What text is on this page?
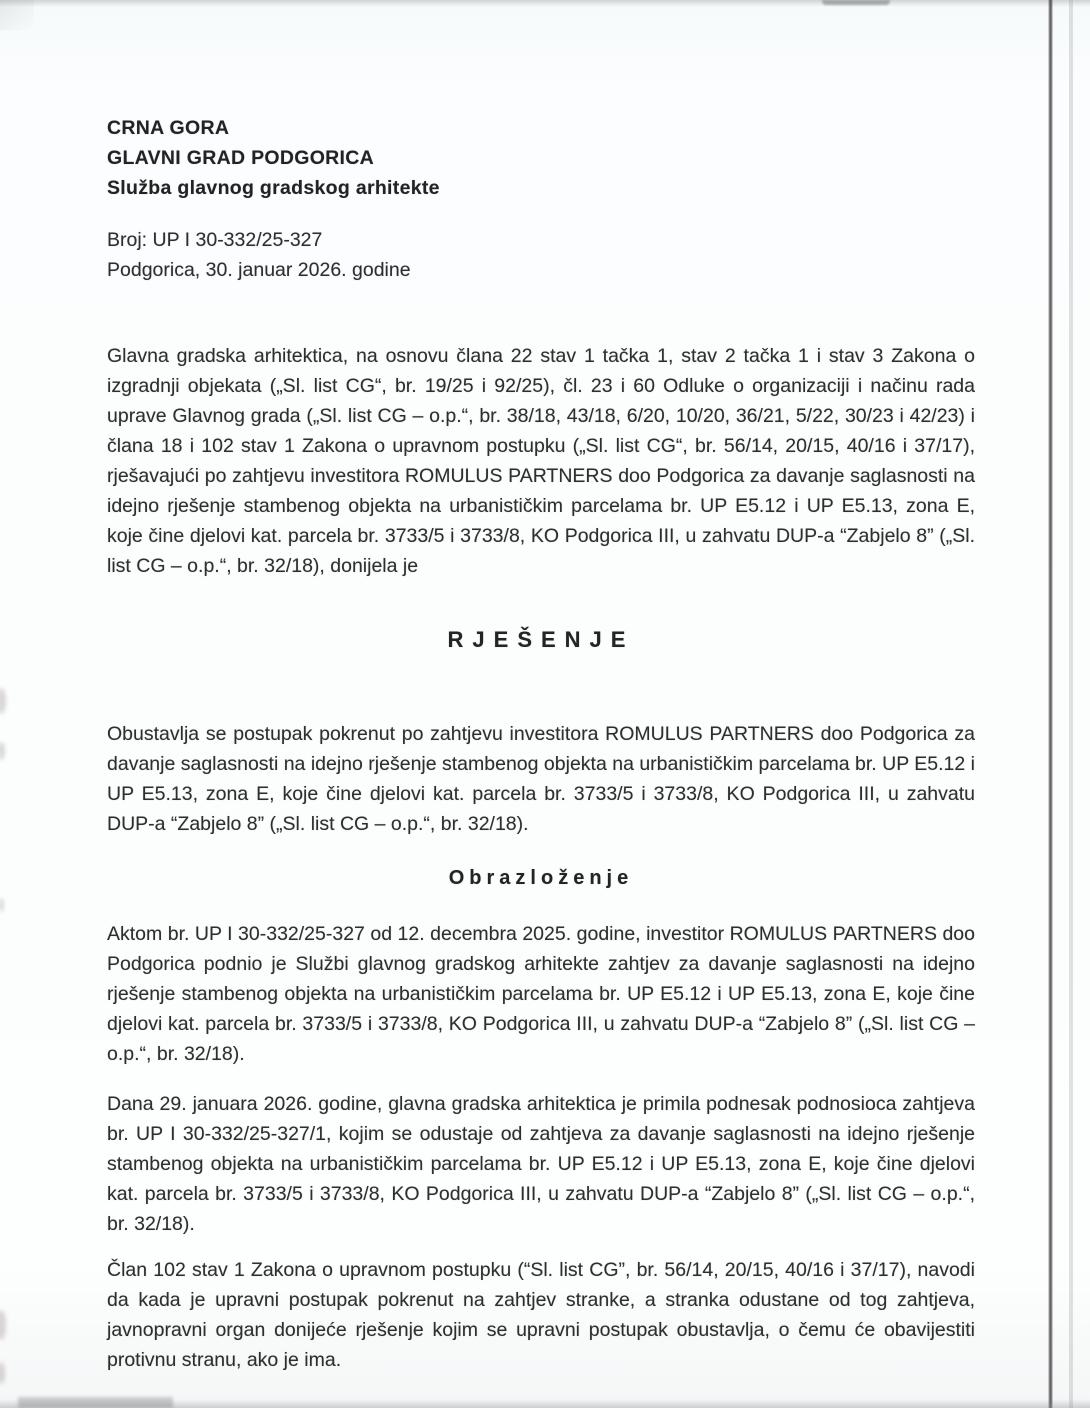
CRNA GORA
GLAVNI GRAD PODGORICA
Služba glavnog gradskog arhitekte
Broj: UP I 30-332/25-327
Podgorica, 30. januar 2026. godine

Glavna gradska arhitektica, na osnovu člana 22 stav 1 tačka 1, stav 2 tačka 1 i stav 3 Zakona o izgradnji objekata („Sl. list CG“, br. 19/25 i 92/25), čl. 23 i 60 Odluke o organizaciji i načinu rada uprave Glavnog grada („Sl. list CG – o.p.“, br. 38/18, 43/18, 6/20, 10/20, 36/21, 5/22, 30/23 i 42/23) i člana 18 i 102 stav 1 Zakona o upravnom postupku („Sl. list CG“, br. 56/14, 20/15, 40/16 i 37/17), rješavajući po zahtjevu investitora ROMULUS PARTNERS doo Podgorica za davanje saglasnosti na idejno rješenje stambenog objekta na urbanističkim parcelama br. UP E5.12 i UP E5.13, zona E, koje čine djelovi kat. parcela br. 3733/5 i 3733/8, KO Podgorica III, u zahvatu DUP-a “Zabjelo 8” („Sl. list CG – o.p.“, br. 32/18), donijela je

RJEŠENJE

Obustavlja se postupak pokrenut po zahtjevu investitora ROMULUS PARTNERS doo Podgorica za davanje saglasnosti na idejno rješenje stambenog objekta na urbanističkim parcelama br. UP E5.12 i UP E5.13, zona E, koje čine djelovi kat. parcela br. 3733/5 i 3733/8, KO Podgorica III, u zahvatu DUP-a “Zabjelo 8” („Sl. list CG – o.p.“, br. 32/18).

Obrazloženje

Aktom br. UP I 30-332/25-327 od 12. decembra 2025. godine, investitor ROMULUS PARTNERS doo Podgorica podnio je Službi glavnog gradskog arhitekte zahtjev za davanje saglasnosti na idejno rješenje stambenog objekta na urbanističkim parcelama br. UP E5.12 i UP E5.13, zona E, koje čine djelovi kat. parcela br. 3733/5 i 3733/8, KO Podgorica III, u zahvatu DUP-a “Zabjelo 8” („Sl. list CG – o.p.“, br. 32/18).

Dana 29. januara 2026. godine, glavna gradska arhitektica je primila podnesak podnosioca zahtjeva br. UP I 30-332/25-327/1, kojim se odustaje od zahtjeva za davanje saglasnosti na idejno rješenje stambenog objekta na urbanističkim parcelama br. UP E5.12 i UP E5.13, zona E, koje čine djelovi kat. parcela br. 3733/5 i 3733/8, KO Podgorica III, u zahvatu DUP-a “Zabjelo 8” („Sl. list CG – o.p.“, br. 32/18).

Član 102 stav 1 Zakona o upravnom postupku (“Sl. list CG”, br. 56/14, 20/15, 40/16 i 37/17), navodi da kada je upravni postupak pokrenut na zahtjev stranke, a stranka odustane od tog zahtjeva, javnopravni organ donijeće rješenje kojim se upravni postupak obustavlja, o čemu će obavijestiti protivnu stranu, ako je ima.
